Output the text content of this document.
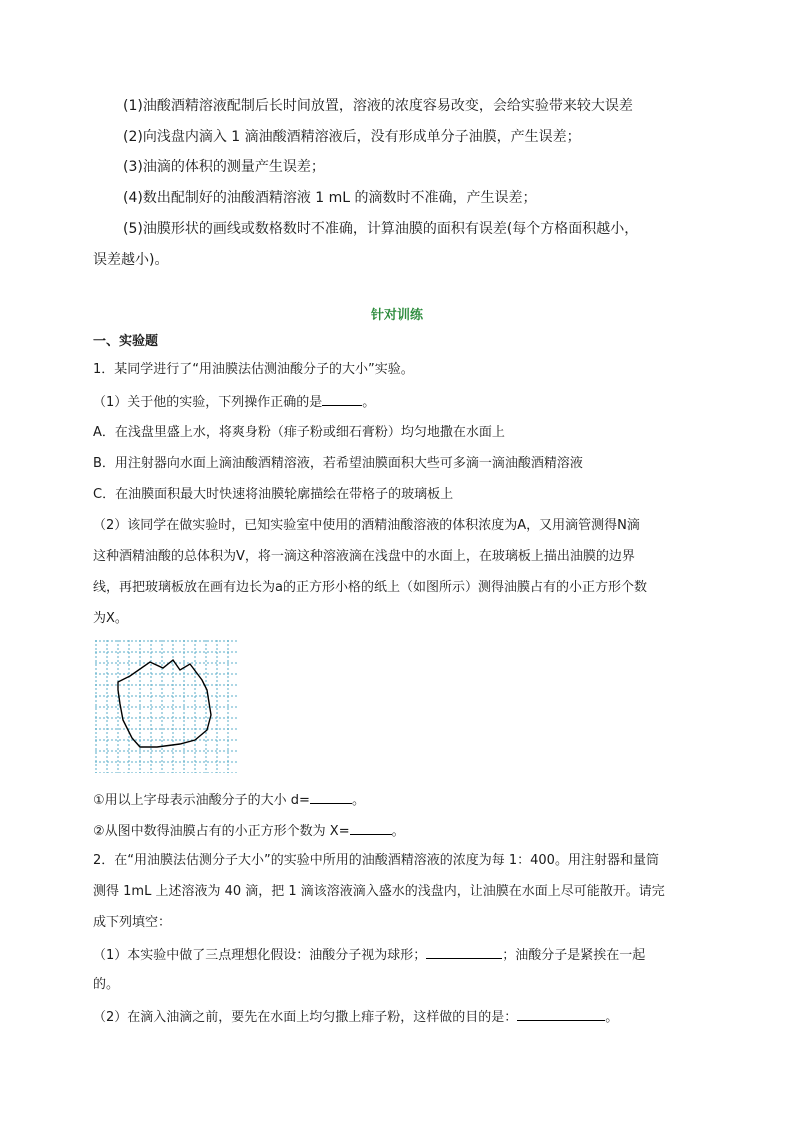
(1)油酸酒精溶液配制后长时间放置，溶液的浓度容易改变，会给实验带来较大误差
(2)向浅盘内滴入 1 滴油酸酒精溶液后，没有形成单分子油膜，产生误差；
(3)油滴的体积的测量产生误差；
(4)数出配制好的油酸酒精溶液 1 mL 的滴数时不准确，产生误差；
(5)油膜形状的画线或数格数时不准确，计算油膜的面积有误差(每个方格面积越小，
误差越小)。
针对训练
一、实验题
1．某同学进行了“用油膜法估测油酸分子的大小”实验。
（1）关于他的实验，下列操作正确的是	。
A．在浅盘里盛上水，将爽身粉（痱子粉或细石膏粉）均匀地撒在水面上
B．用注射器向水面上滴油酸酒精溶液，若希望油膜面积大些可多滴一滴油酸酒精溶液
C．在油膜面积最大时快速将油膜轮廓描绘在带格子的玻璃板上
（2）该同学在做实验时，已知实验室中使用的酒精油酸溶液的体积浓度为A，又用滴管测得N滴
这种酒精油酸的总体积为V，将一滴这种溶液滴在浅盘中的水面上，在玻璃板上描出油膜的边界
线，再把玻璃板放在画有边长为a的正方形小格的纸上（如图所示）测得油膜占有的小正方形个数
为X。
①用以上字母表示油酸分子的大小 d=	。
②从图中数得油膜占有的小正方形个数为 X=	。
2．在“用油膜法估测分子大小”的实验中所用的油酸酒精溶液的浓度为每 1：400。用注射器和量筒
测得 1mL 上述溶液为 40 滴，把 1 滴该溶液滴入盛水的浅盘内，让油膜在水面上尽可能散开。请完
成下列填空：
（1）本实验中做了三点理想化假设：油酸分子视为球形；	；油酸分子是紧挨在一起
的。
（2）在滴入油滴之前，要先在水面上均匀撒上痱子粉，这样做的目的是：	。
